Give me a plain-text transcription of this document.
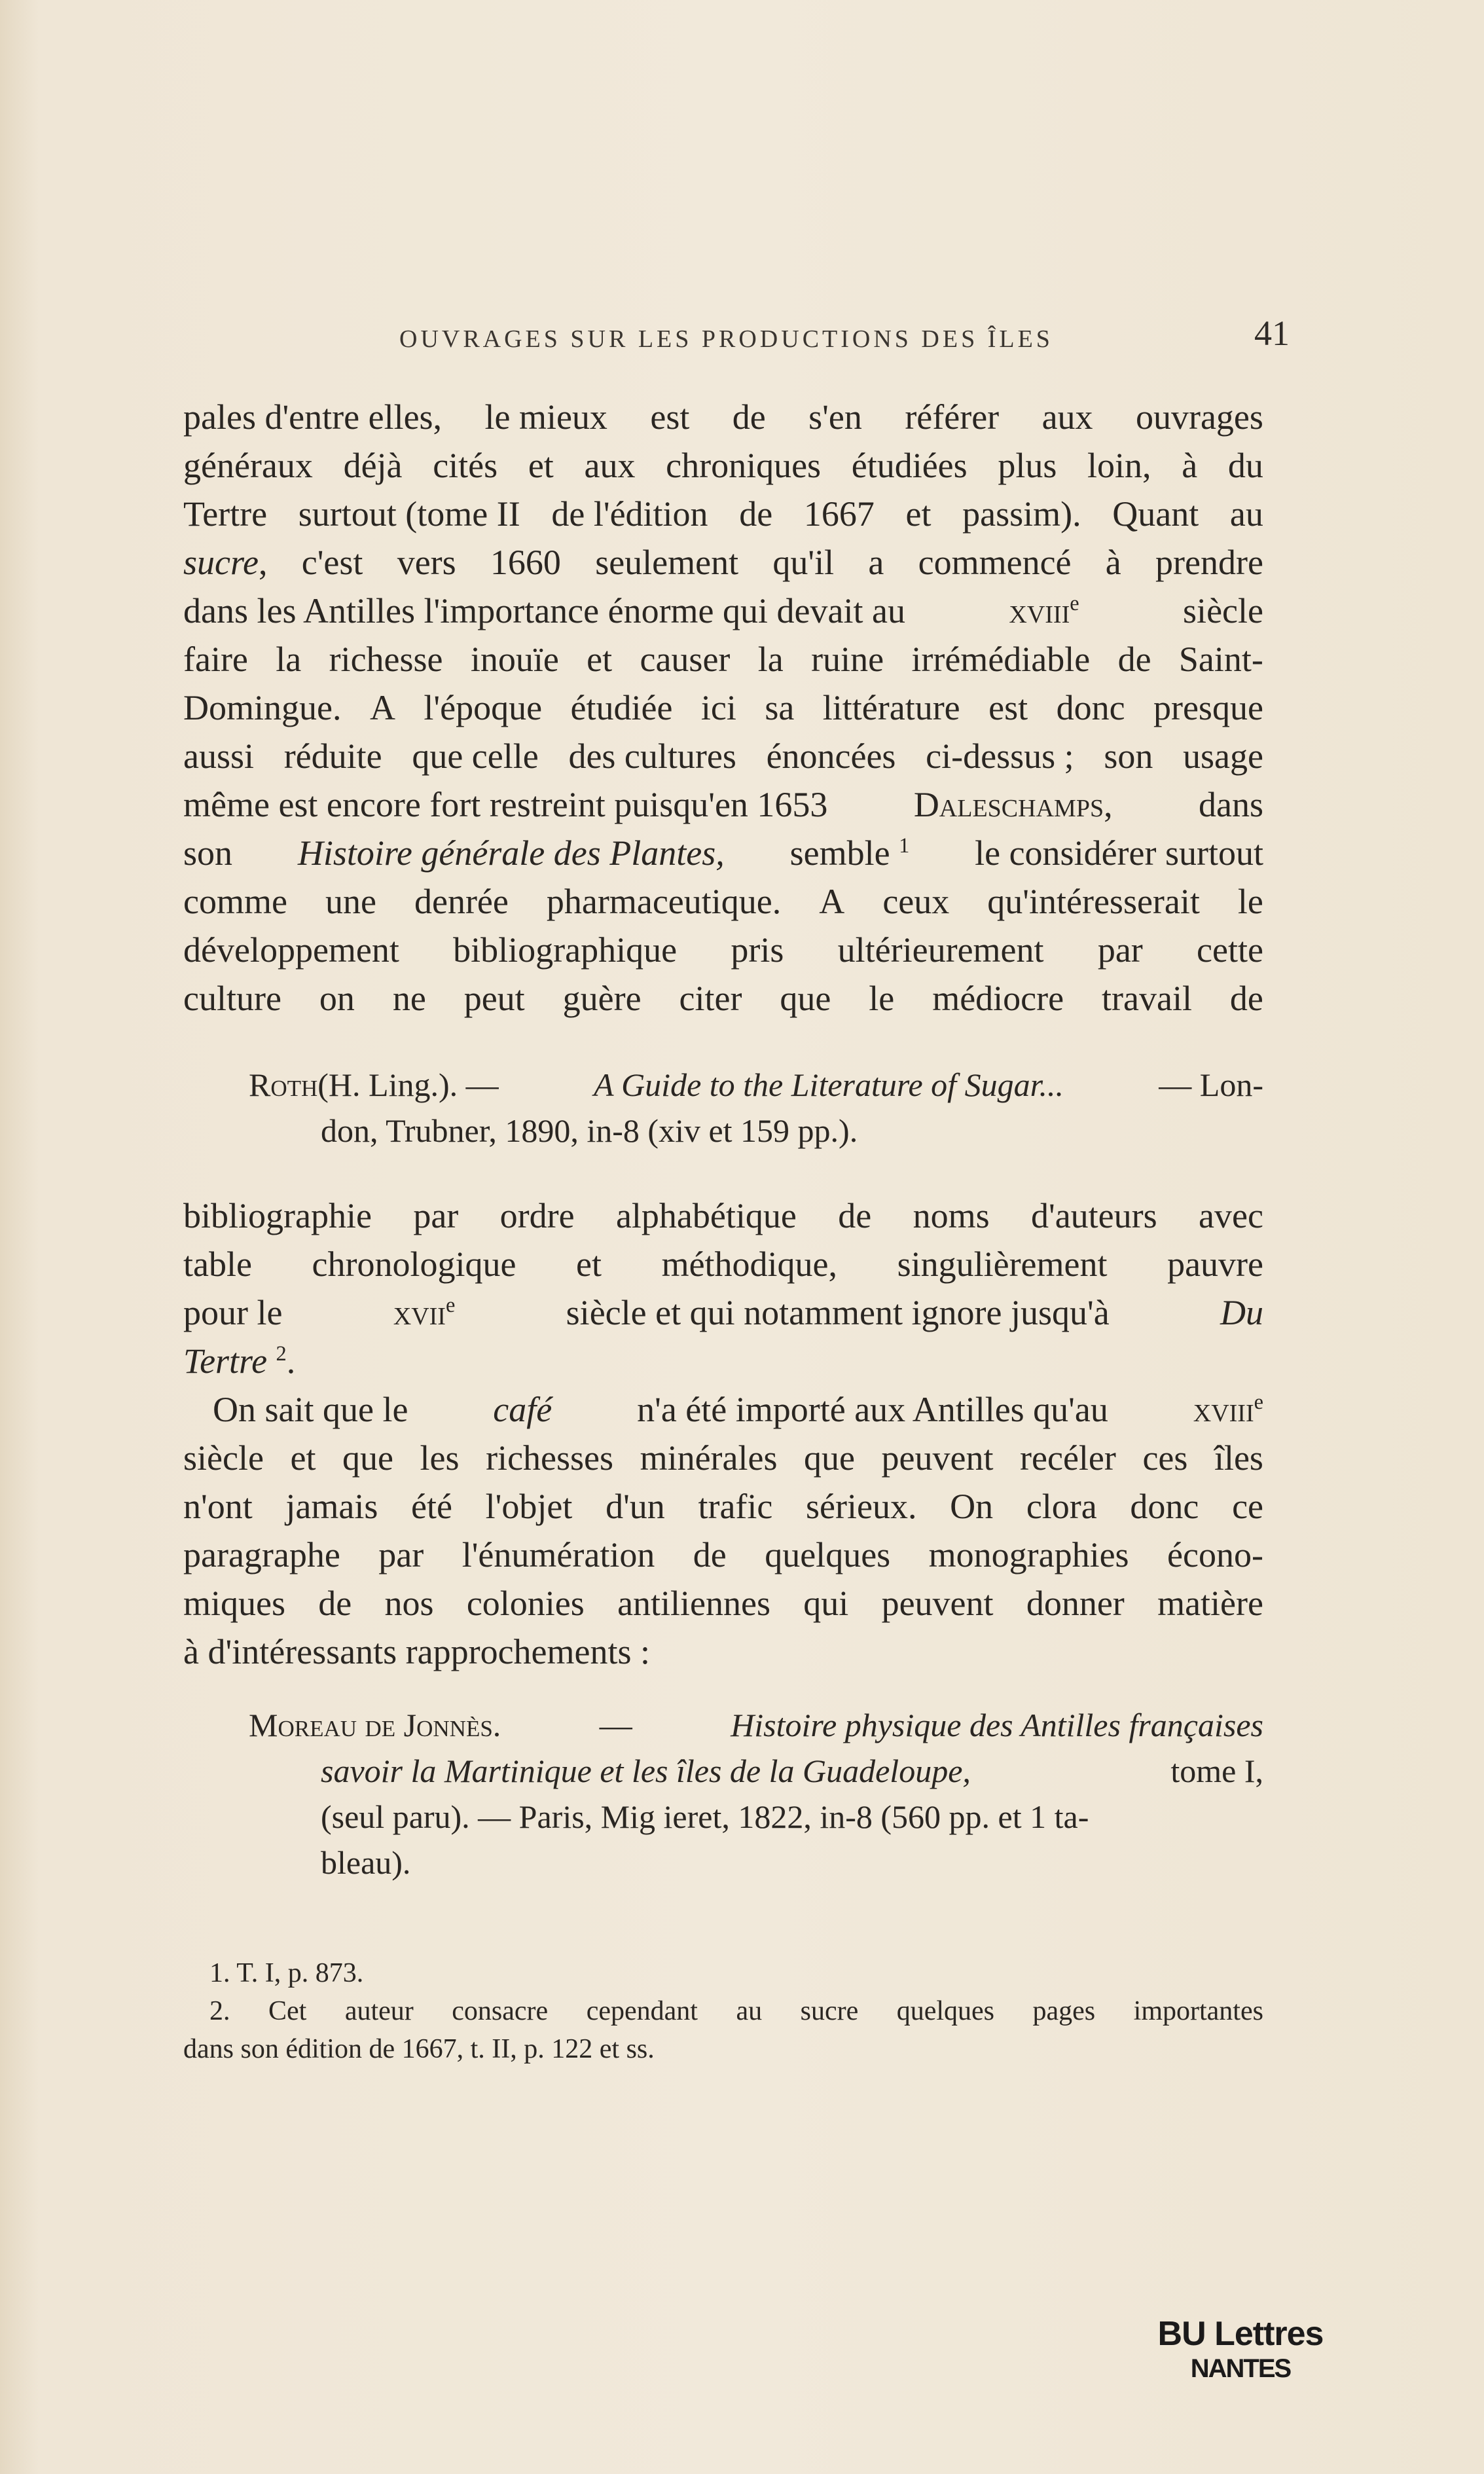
OUVRAGES SUR LES PRODUCTIONS DES ÎLES	41
pales d'entre elles, le mieux est de s'en référer aux ouvrages
généraux déjà cités et aux chroniques étudiées plus loin, à du
Tertre surtout (tome II de l'édition de 1667 et passim). Quant au
sucre, c'est vers 1660 seulement qu'il a commencé à prendre
dans les Antilles l'importance énorme qui devait au	xviii$^e$	siècle
faire la richesse inouïe et causer la ruine irrémédiable de Saint-
Domingue. A l'époque étudiée ici sa littérature est donc presque
aussi réduite que celle des cultures énoncées ci-dessus ; son usage
même est encore fort restreint puisqu'en 1653 Daleschamps, dans
son Histoire générale des Plantes, semble $^1$ le considérer surtout
comme une denrée pharmaceutique. A ceux qu'intéresserait le
développement bibliographique pris ultérieurement par cette
culture on ne peut guère citer que le médiocre travail de
Roth(H. Ling.). —	A Guide to the Literature of Sugar...	— Lon-
don, Trubner, 1890, in-8 (xiv et 159 pp.).
bibliographie par ordre alphabétique de noms d'auteurs avec
table chronologique et méthodique, singulièrement pauvre
pour le	xvii$^e$	siècle et qui notamment ignore jusqu'à	Du
Tertre $^2$.
On sait que le café n'a été importé aux Antilles qu'au xviii$^e$
siècle et que les richesses minérales que peuvent recéler ces îles
n'ont jamais été l'objet d'un trafic sérieux. On clora donc ce
paragraphe par l'énumération de quelques monographies écono-
miques de nos colonies antiliennes qui peuvent donner matière
à d'intéressants rapprochements :
Moreau de Jonnès.	—	Histoire physique des Antilles françaises
savoir la Martinique et les îles de la Guadeloupe,	tome I,
(seul paru). — Paris, Mig ieret, 1822, in-8 (560 pp. et 1 ta-
bleau).
1. T. I, p. 873.
2. Cet auteur consacre cependant au sucre quelques pages importantes
dans son édition de 1667, t. II, p. 122 et ss.
BU Lettres
NANTES
